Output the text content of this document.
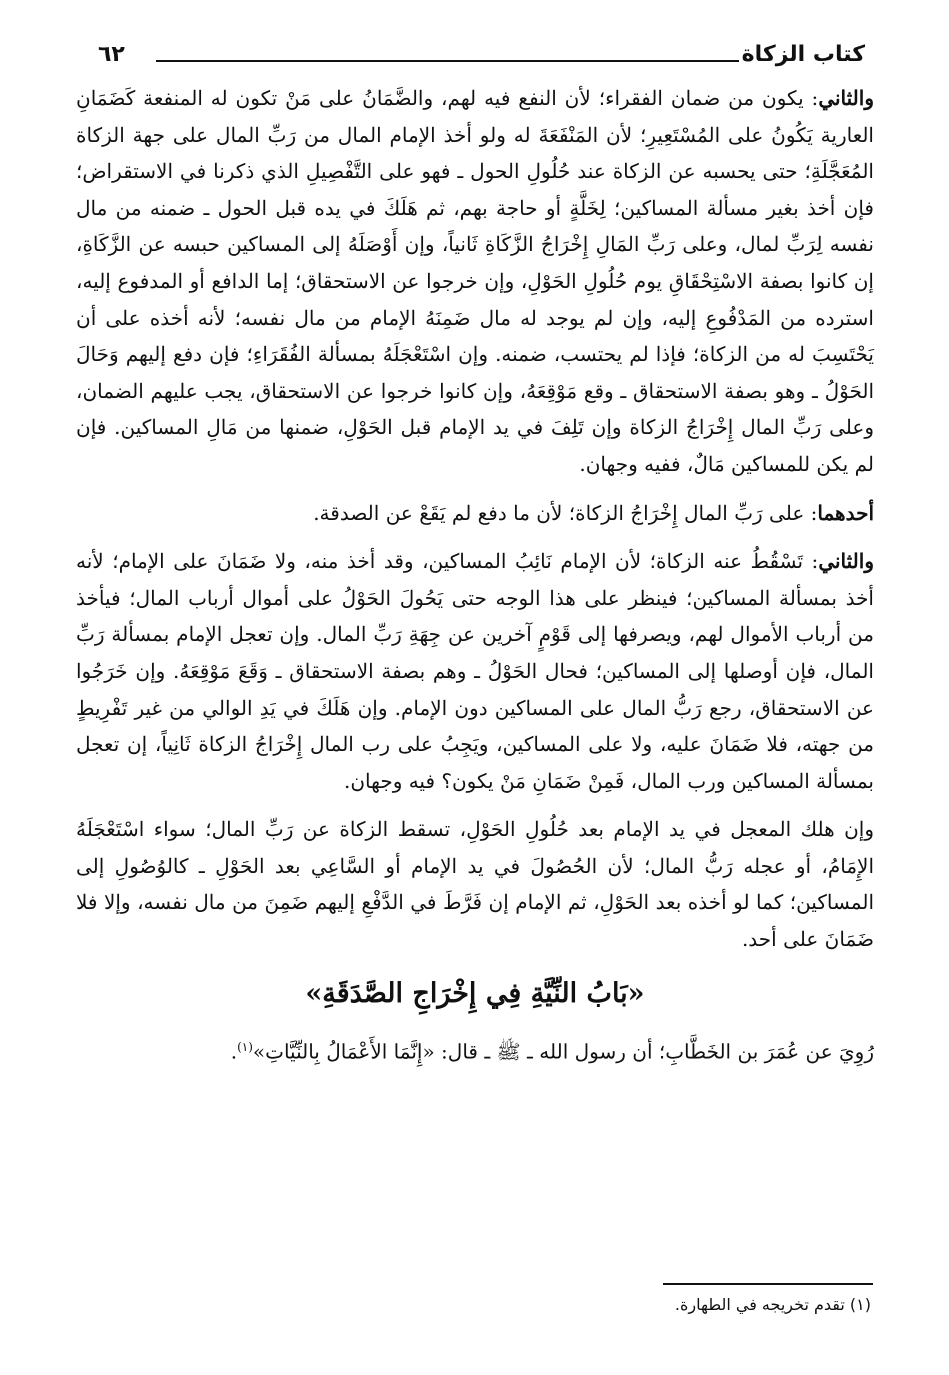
كتاب الزكاة
٦٢

والثاني: يكون من ضمان الفقراء؛ لأن النفع فيه لهم، والضَّمَانُ على مَنْ تكون له المنفعة كَضَمَانِ العارية يَكُونُ على المُسْتَعِيرِ؛ لأن المَنْفَعَةَ له ولو أخذ الإمام المال من رَبِّ المال على جهة الزكاة المُعَجَّلَةِ؛ حتى يحسبه عن الزكاة عند حُلُولِ الحول ـ فهو على التَّفْصِيلِ الذي ذكرنا في الاستقراض؛ فإن أخذ بغير مسألة المساكين؛ لِخَلَّةٍ أو حاجة بهم، ثم هَلَكَ في يده قبل الحول ـ ضمنه من مال نفسه لِرَبِّ لمال، وعلى رَبِّ المَالِ إِخْرَاجُ الزَّكَاةِ ثَانياً، وإن أَوْصَلَهُ إلى المساكين حبسه عن الزَّكَاةِ، إن كانوا بصفة الاسْتِحْقَاقِ يوم حُلُولِ الحَوْلِ، وإن خرجوا عن الاستحقاق؛ إما الدافع أو المدفوع إليه، استرده من المَدْفُوعِ إليه، وإن لم يوجد له مال ضَمِنَهُ الإمام من مال نفسه؛ لأنه أخذه على أن يَحْتَسِبَ له من الزكاة؛ فإذا لم يحتسب، ضمنه. وإن اسْتَعْجَلَهُ بمسألة الفُقَرَاءِ؛ فإن دفع إليهم وَحَالَ الحَوْلُ ـ وهو بصفة الاستحقاق ـ وقع مَوْقِعَهُ، وإن كانوا خرجوا عن الاستحقاق، يجب عليهم الضمان، وعلى رَبِّ المال إِخْرَاجُ الزكاة وإن تَلِفَ في يد الإمام قبل الحَوْلِ، ضمنها من مَالِ المساكين. فإن لم يكن للمساكين مَالٌ، ففيه وجهان.

أحدهما: على رَبِّ المال إِخْرَاجُ الزكاة؛ لأن ما دفع لم يَقَعْ عن الصدقة.

والثاني: تَسْقُطُ عنه الزكاة؛ لأن الإمام نَائِبُ المساكين، وقد أخذ منه، ولا ضَمَانَ على الإمام؛ لأنه أخذ بمسألة المساكين؛ فينظر على هذا الوجه حتى يَحُولَ الحَوْلُ على أموال أرباب المال؛ فيأخذ من أرباب الأموال لهم، ويصرفها إلى قَوْمٍ آخرين عن جِهَةِ رَبِّ المال. وإن تعجل الإمام بمسألة رَبِّ المال، فإن أوصلها إلى المساكين؛ فحال الحَوْلُ ـ وهم بصفة الاستحقاق ـ وَقَعَ مَوْقِعَهُ. وإن خَرَجُوا عن الاستحقاق، رجع رَبُّ المال على المساكين دون الإمام. وإن هَلَكَ في يَدِ الوالي من غير تَفْرِيطٍ من جهته، فلا ضَمَانَ عليه، ولا على المساكين، ويَجِبُ على رب المال إِخْرَاجُ الزكاة ثَانِياً، إن تعجل بمسألة المساكين ورب المال، فَمِنْ ضَمَانِ مَنْ يكون؟ فيه وجهان.

وإن هلك المعجل في يد الإمام بعد حُلُولِ الحَوْلِ، تسقط الزكاة عن رَبِّ المال؛ سواء اسْتَعْجَلَهُ الإِمَامُ، أو عجله رَبُّ المال؛ لأن الحُصُولَ في يد الإمام أو السَّاعِي بعد الحَوْلِ ـ كالوُصُولِ إلى المساكين؛ كما لو أخذه بعد الحَوْلِ، ثم الإمام إن فَرَّطَ في الدَّفْعِ إليهم ضَمِنَ من مال نفسه، وإلا فلا ضَمَانَ على أحد.

«بَابُ النِّيَّةِ فِي إِخْرَاجِ الصَّدَقَةِ»

رُوِيَ عن عُمَرَ بن الخَطَّابِ؛ أن رسول الله ـ ﷺ ـ قال: «إِنَّمَا الأَعْمَالُ بِالنِّيَّاتِ»$^{(١)}$.

(١) تقدم تخريجه في الطهارة.
